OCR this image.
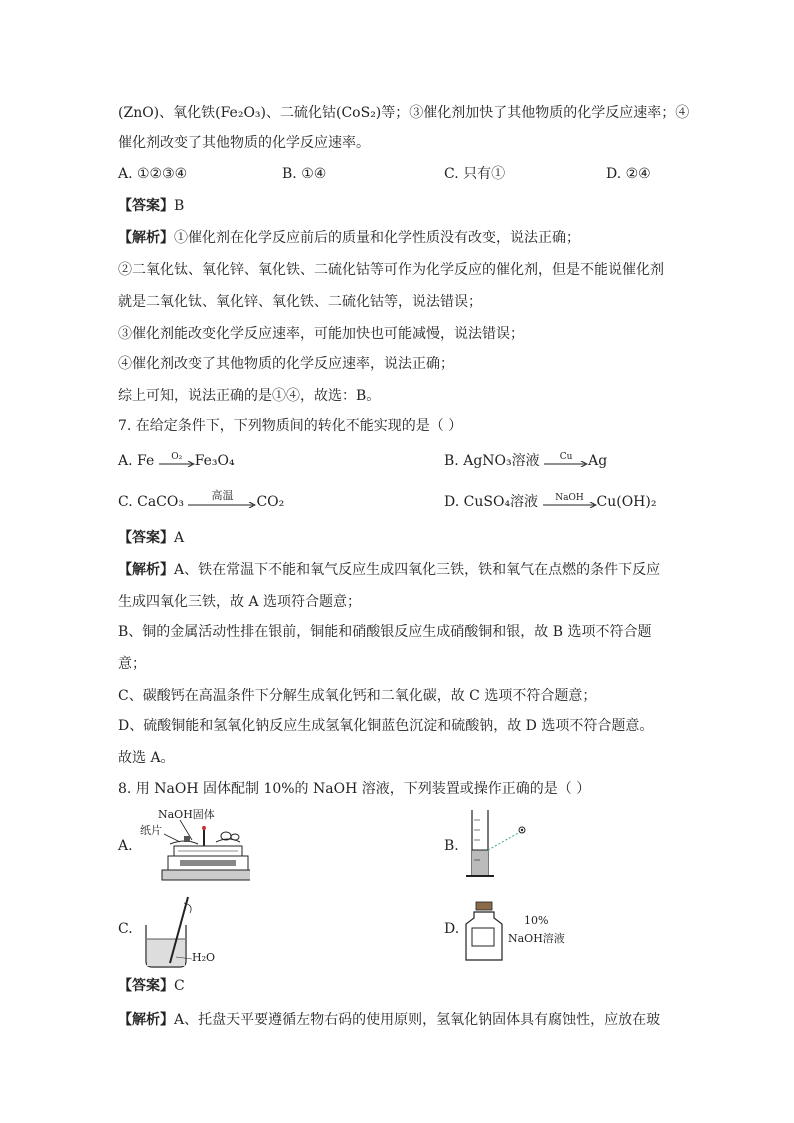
(ZnO)、氧化铁(Fe₂O₃)、二硫化钴(CoS₂)等；③催化剂加快了其他物质的化学反应速率；④
催化剂改变了其他物质的化学反应速率。
A. ①②③④	B. ①④	C. 只有①	D. ②④
【答案】B
【解析】①催化剂在化学反应前后的质量和化学性质没有改变，说法正确；
②二氧化钛、氧化锌、氧化铁、二硫化钴等可作为化学反应的催化剂，但是不能说催化剂
就是二氧化钛、氧化锌、氧化铁、二硫化钴等，说法错误；
③催化剂能改变化学反应速率，可能加快也可能减慢，说法错误；
④催化剂改变了其他物质的化学反应速率，说法正确；
综上可知，说法正确的是①④，故选：B。
7. 在给定条件下，下列物质间的转化不能实现的是（ ）
A. Fe	O₂ Fe₃O₄	B. AgNO₃溶液	Cu	Ag
C. CaCO₃	高温	CO₂	D. CuSO₄溶液	NaOH Cu(OH)₂
【答案】A
【解析】A、铁在常温下不能和氧气反应生成四氧化三铁，铁和氧气在点燃的条件下反应
生成四氧化三铁，故 A 选项符合题意；
B、铜的金属活动性排在银前，铜能和硝酸银反应生成硝酸铜和银，故 B 选项不符合题
意；
C、碳酸钙在高温条件下分解生成氧化钙和二氧化碳，故 C 选项不符合题意；
D、硫酸铜能和氢氧化钠反应生成氢氧化铜蓝色沉淀和硫酸钠，故 D 选项不符合题意。
故选 A。
8. 用 NaOH 固体配制 10%的 NaOH 溶液，下列装置或操作正确的是（ ）
A.	B.
C.	D.
NaOH固体
纸片
H₂O
10%
NaOH溶液
【答案】C
【解析】A、托盘天平要遵循左物右码的使用原则，氢氧化钠固体具有腐蚀性，应放在玻
